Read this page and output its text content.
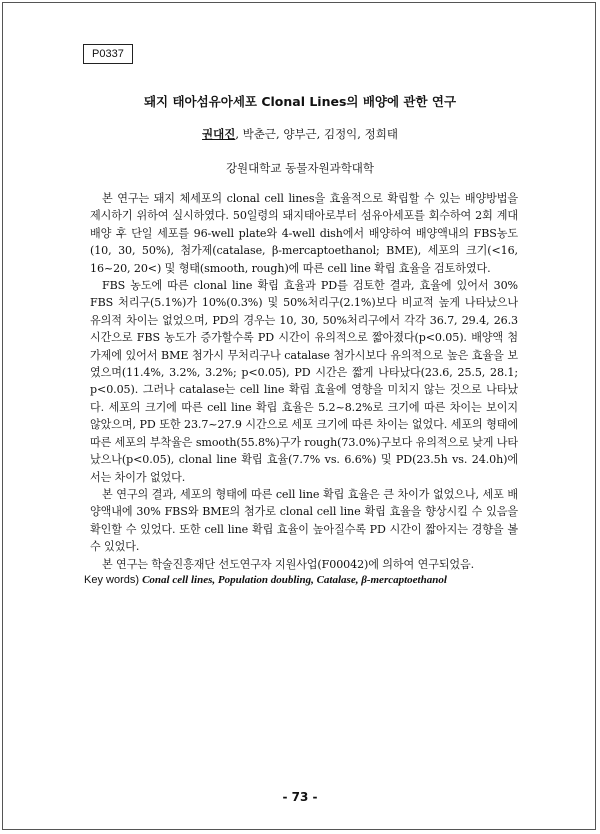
P0337
돼지 태아섬유아세포 Clonal Lines의 배양에 관한 연구
권대진, 박춘근, 양부근, 김정익, 정희태
강원대학교 동물자원과학대학

본 연구는 돼지 체세포의 clonal cell lines을 효율적으로 확립할 수 있는 배양방법을 제시하기 위하여 실시하였다. 50일령의 돼지태아로부터 섬유아세포를 회수하여 2회 계대배양 후 단일 세포를 96-well plate와 4-well dish에서 배양하여 배양액내의 FBS농도(10, 30, 50%), 첨가제(catalase, β-mercaptoethanol; BME), 세포의 크기(<16, 16~20, 20<) 및 형태(smooth, rough)에 따른 cell line 확립 효율을 검토하였다.

FBS 농도에 따른 clonal line 확립 효율과 PD를 검토한 결과, 효율에 있어서 30% FBS 처리구(5.1%)가 10%(0.3%) 및 50%처리구(2.1%)보다 비교적 높게 나타났으나 유의적 차이는 없었으며, PD의 경우는 10, 30, 50%처리구에서 각각 36.7, 29.4, 26.3 시간으로 FBS 농도가 증가할수록 PD 시간이 유의적으로 짧아졌다(p<0.05). 배양액 첨가제에 있어서 BME 첨가시 무처리구나 catalase 첨가시보다 유의적으로 높은 효율을 보였으며(11.4%, 3.2%, 3.2%; p<0.05), PD 시간은 짧게 나타났다(23.6, 25.5, 28.1; p<0.05). 그러나 catalase는 cell line 확립 효율에 영향을 미치지 않는 것으로 나타났다. 세포의 크기에 따른 cell line 확립 효율은 5.2~8.2%로 크기에 따른 차이는 보이지 않았으며, PD 또한 23.7~27.9 시간으로 세포 크기에 따른 차이는 없었다. 세포의 형태에 따른 세포의 부착율은 smooth(55.8%)구가 rough(73.0%)구보다 유의적으로 낮게 나타났으나(p<0.05), clonal line 확립 효율(7.7% vs. 6.6%) 및 PD(23.5h vs. 24.0h)에서는 차이가 없었다.

본 연구의 결과, 세포의 형태에 따른 cell line 확립 효율은 큰 차이가 없었으나, 세포 배양액내에 30% FBS와 BME의 첨가로 clonal cell line 확립 효율을 향상시킬 수 있음을 확인할 수 있었다. 또한 cell line 확립 효율이 높아질수록 PD 시간이 짧아지는 경향을 볼 수 있었다.

본 연구는 학술진흥재단 선도연구자 지원사업(F00042)에 의하여 연구되었음.

Key words) Conal cell lines, Population doubling, Catalase, β-mercaptoethanol
- 73 -
